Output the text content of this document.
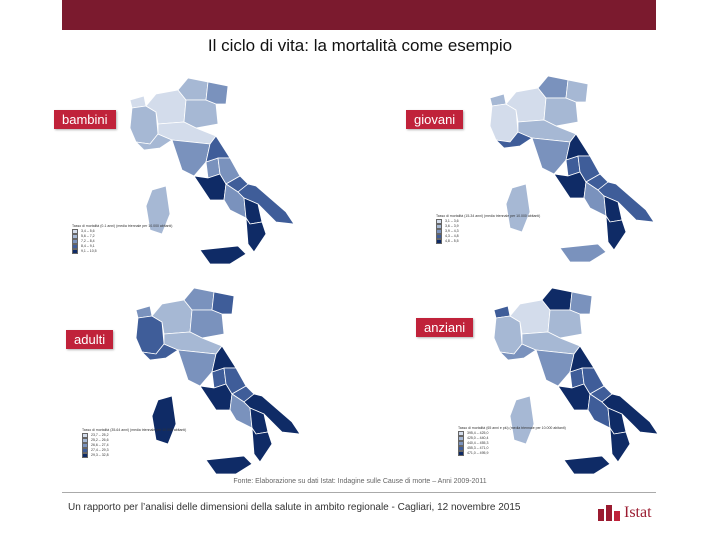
Il ciclo di vita: la mortalità come esempio
bambini
Tasso di mortalità (0-1 anni) (media triennale per 10.000 abitanti)
3,4 – 5,6
5,6 – 7,2
7,2 – 8,4
8,4 – 9,1
9,1 – 10,5
giovani
Tasso di mortalità (15-34 anni) (media triennale per 10.000 abitanti)
3,1 – 3,6
3,6 – 3,9
3,9 – 4,3
4,3 – 4,8
4,8 – 5,5
adulti
Tasso di mortalità (35-64 anni) (media triennale per 10.000 abitanti)
23,7 – 25,2
25,2 – 26,6
26,6 – 27,4
27,4 – 29,3
29,3 – 32,8
anziani
Tasso di mortalità (65 anni e più) (media triennale per 10.000 abitanti)
395,4 – 425,0
425,0 – 440,4
440,4 – 455,3
455,3 – 471,0
471,0 – 495,9
Fonte: Elaborazione su dati Istat: Indagine sulle Cause di morte – Anni 2009-2011
Un rapporto per l’analisi delle dimensioni della salute in ambito regionale - Cagliari, 12 novembre 2015	Istat
